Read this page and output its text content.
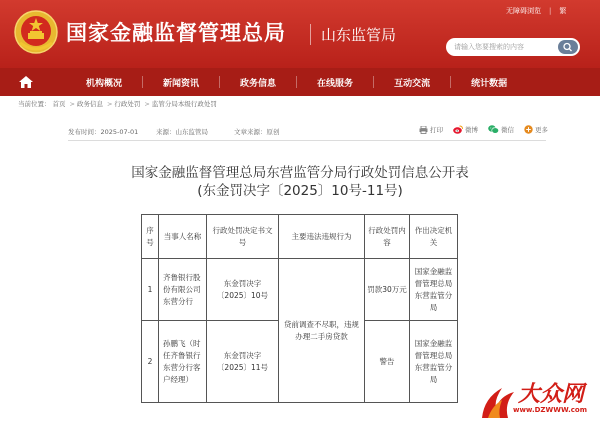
国家金融监督管理总局	山东监管局
无障碍浏览 | 繁
请输入您要搜索的内容
机构概况	新闻资讯	政务信息	在线服务	互动交流	统计数据
当前位置： 首页 > 政务信息 > 行政处罚 > 监管分局本级行政处罚
发布时间：2025-07-01	来源：山东监管局	文章来源：原创	打印	微博	微信	更多
国家金融监督管理总局东营监管分局行政处罚信息公开表
(东金罚决字〔2025〕10号-11号)
序号	当事人名称	行政处罚决定书文号	主要违法违规行为	行政处罚内容	作出决定机关
1	齐鲁银行股份有限公司东营分行	东金罚决字〔2025〕10号	贷前调查不尽职，违规办理二手房贷款	罚款30万元	国家金融监督管理总局东营监管分局
2	孙鹏飞（时任齐鲁银行东营分行客户经理）	东金罚决字〔2025〕11号		警告	国家金融监督管理总局东营监管分局
大众网
www.DZWWW.com
